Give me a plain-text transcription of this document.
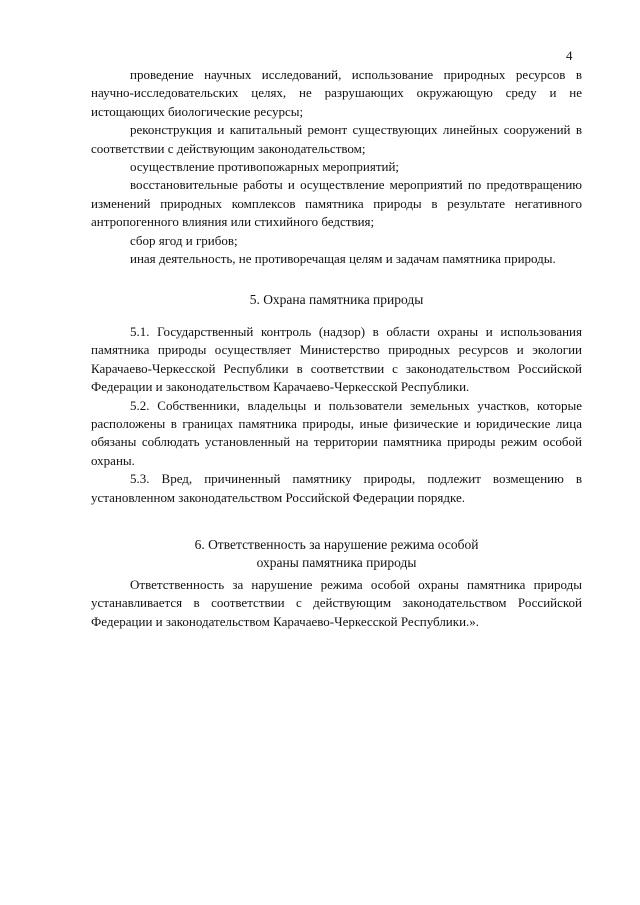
4

проведение научных исследований, использование природных ресурсов в научно-исследовательских целях, не разрушающих окружающую среду и не истощающих биологические ресурсы;

реконструкция и капитальный ремонт существующих линейных сооружений в соответствии с действующим законодательством;

осуществление противопожарных мероприятий;

восстановительные работы и осуществление мероприятий по предотвращению изменений природных комплексов памятника природы в результате негативного антропогенного влияния или стихийного бедствия;

сбор ягод и грибов;

иная деятельность, не противоречащая целям и задачам памятника природы.

5. Охрана памятника природы

5.1. Государственный контроль (надзор) в области охраны и использования памятника природы осуществляет Министерство природных ресурсов и экологии Карачаево-Черкесской Республики в соответствии с законодательством Российской Федерации и законодательством Карачаево-Черкесской Республики.

5.2. Собственники, владельцы и пользователи земельных участков, которые расположены в границах памятника природы, иные физические и юридические лица обязаны соблюдать установленный на территории памятника природы режим особой охраны.

5.3. Вред, причиненный памятнику природы, подлежит возмещению в установленном законодательством Российской Федерации порядке.

6. Ответственность за нарушение режима особой
охраны памятника природы

Ответственность за нарушение режима особой охраны памятника природы устанавливается в соответствии с действующим законодательством Российской Федерации и законодательством Карачаево-Черкесской Республики.».
